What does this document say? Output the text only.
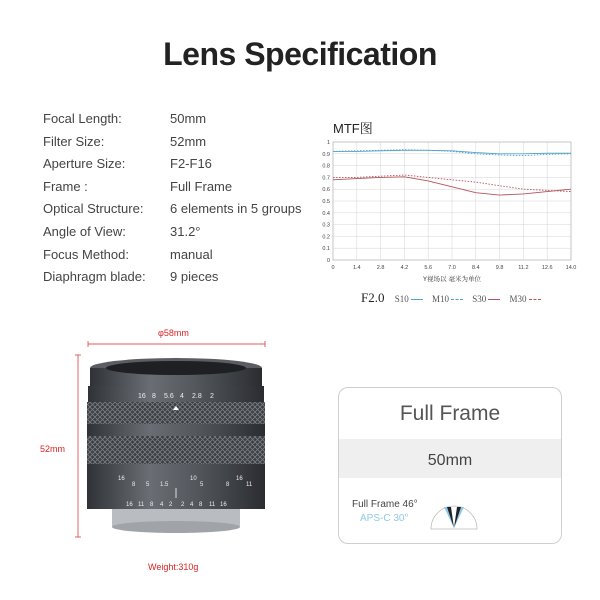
Lens Specification
Focal Length:	50mm
Filter Size:	52mm
Aperture Size:	F2-F16
Frame :	Full Frame
Optical Structure: 6 elements in 5 groups
Angle of View:	31.2°
Focus Method:	manual
Diaphragm blade: 9 pieces
MTF图
0
0.1
0.2
0.3
0.4
0.5
0.6
0.7
0.8
0.9
1
0	1.4	2.8	4.2	5.6	7.0	8.4	9.8	11.2 12.6 14.0
Y视场以 毫米为单位
F2.0 S10	M10	S30	M30
φ58mm
52mm
Weight:310g
16 8 5.6 4 2.8 2
16
8 5 1.5	5
10
8
16
11
16 11 8 4 2 2 4 8 11 16
Full Frame
50mm
Full Frame 46°
APS-C 30°
